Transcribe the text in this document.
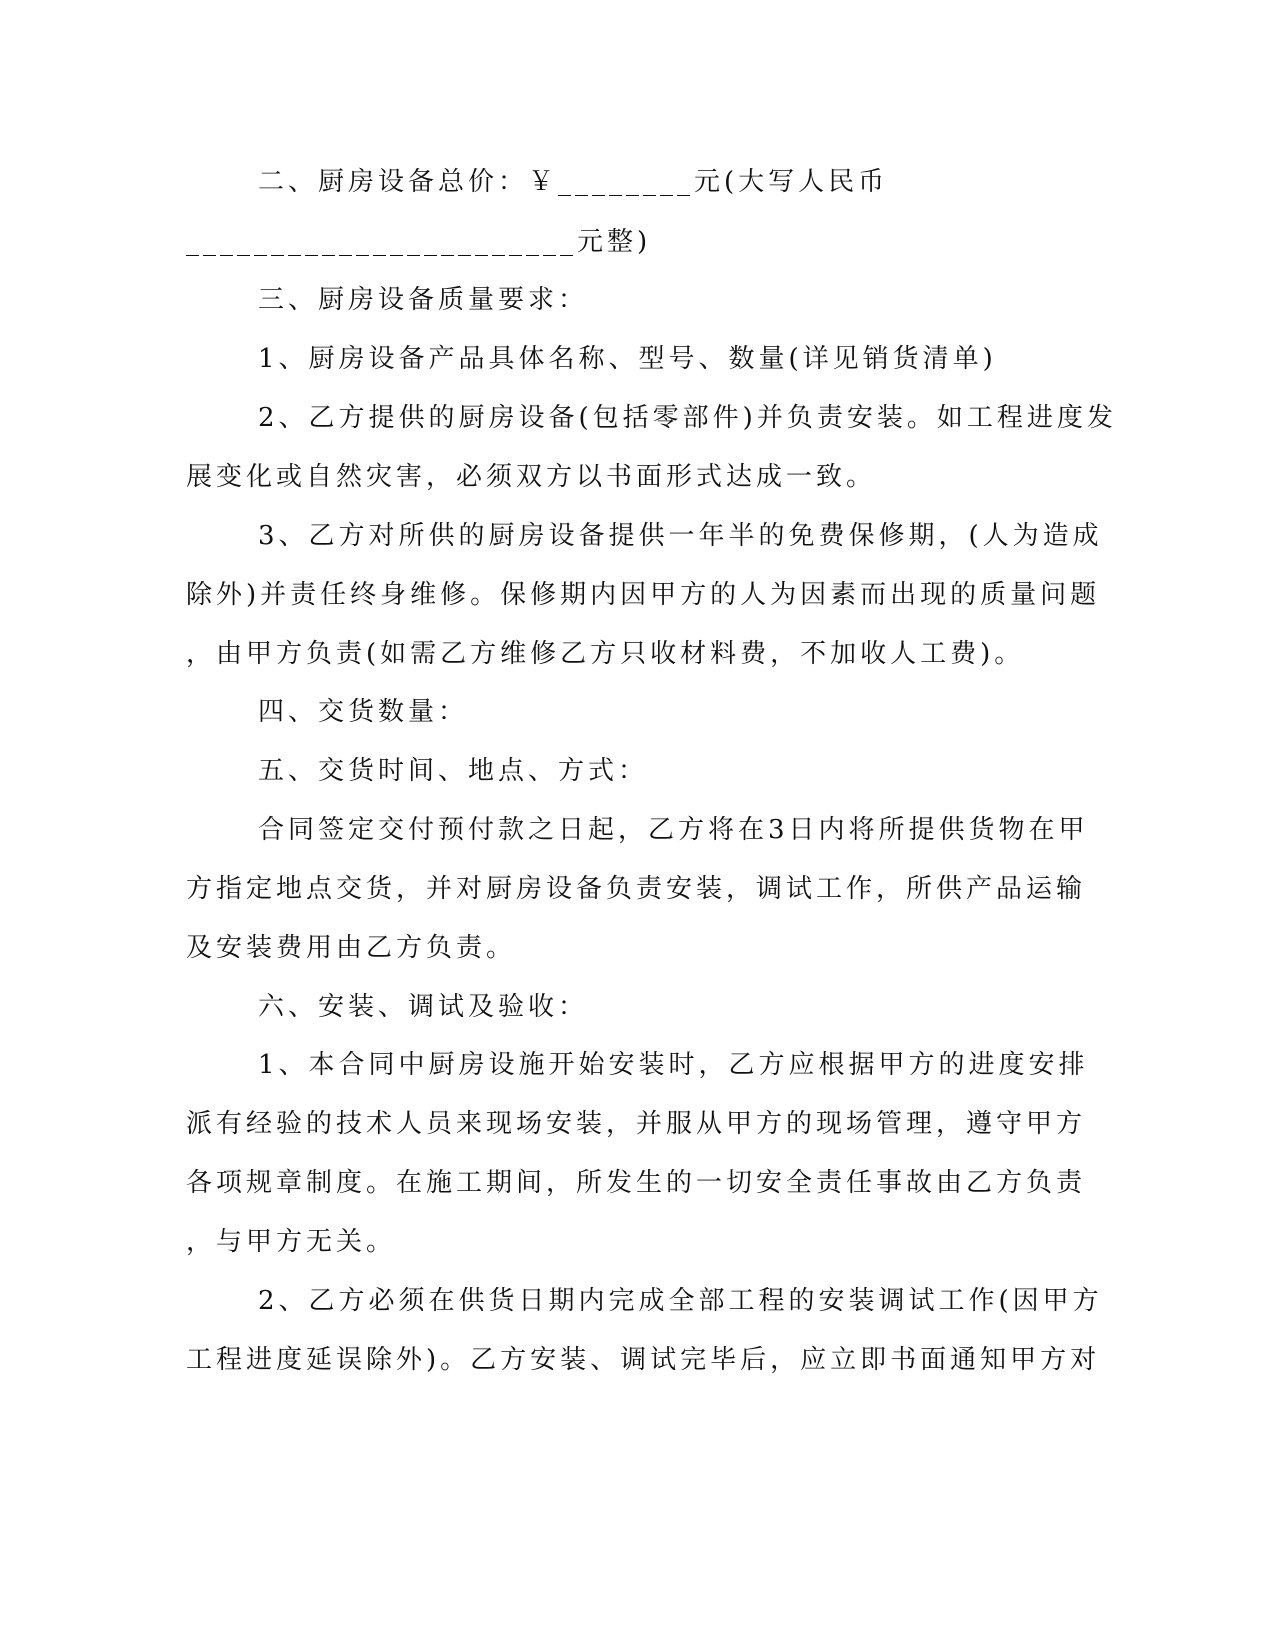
二、厨房设备总价：￥________元(大写人民币
_______________________元整)
三、厨房设备质量要求：
1、厨房设备产品具体名称、型号、数量(详见销货清单)
2、乙方提供的厨房设备(包括零部件)并负责安装。如工程进度发
展变化或自然灾害，必须双方以书面形式达成一致。
3、乙方对所供的厨房设备提供一年半的免费保修期，(人为造成
除外)并责任终身维修。保修期内因甲方的人为因素而出现的质量问题
，由甲方负责(如需乙方维修乙方只收材料费，不加收人工费)。
四、交货数量：
五、交货时间、地点、方式：
合同签定交付预付款之日起，乙方将在3日内将所提供货物在甲
方指定地点交货，并对厨房设备负责安装，调试工作，所供产品运输
及安装费用由乙方负责。
六、安装、调试及验收：
1、本合同中厨房设施开始安装时，乙方应根据甲方的进度安排
派有经验的技术人员来现场安装，并服从甲方的现场管理，遵守甲方
各项规章制度。在施工期间，所发生的一切安全责任事故由乙方负责
，与甲方无关。
2、乙方必须在供货日期内完成全部工程的安装调试工作(因甲方
工程进度延误除外)。乙方安装、调试完毕后，应立即书面通知甲方对
